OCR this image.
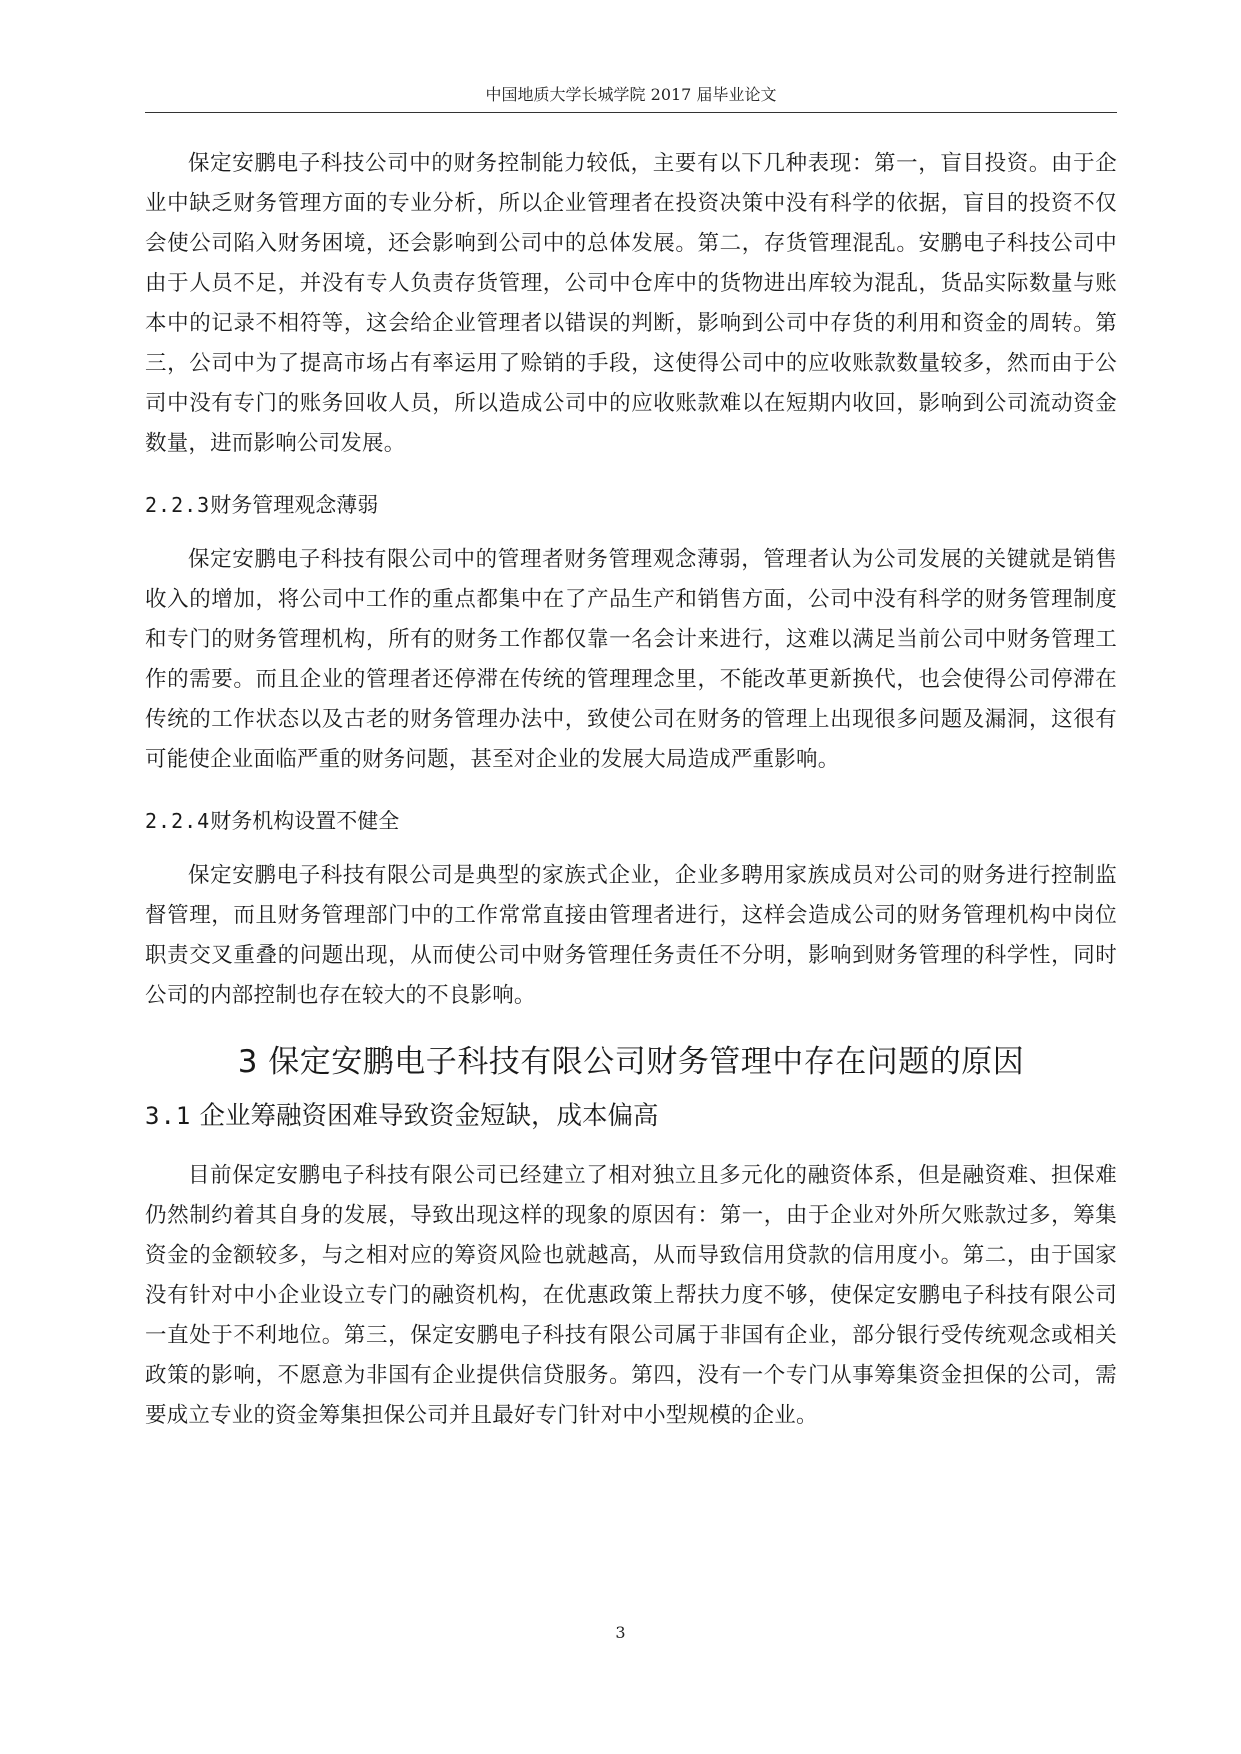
中国地质大学长城学院 2017 届毕业论文

保定安鹏电子科技公司中的财务控制能力较低，主要有以下几种表现：第一，盲目投资。由于企业中缺乏财务管理方面的专业分析，所以企业管理者在投资决策中没有科学的依据，盲目的投资不仅会使公司陷入财务困境，还会影响到公司中的总体发展。第二，存货管理混乱。安鹏电子科技公司中由于人员不足，并没有专人负责存货管理，公司中仓库中的货物进出库较为混乱，货品实际数量与账本中的记录不相符等，这会给企业管理者以错误的判断，影响到公司中存货的利用和资金的周转。第三，公司中为了提高市场占有率运用了赊销的手段，这使得公司中的应收账款数量较多，然而由于公司中没有专门的账务回收人员，所以造成公司中的应收账款难以在短期内收回，影响到公司流动资金数量，进而影响公司发展。

2.2.3财务管理观念薄弱

保定安鹏电子科技有限公司中的管理者财务管理观念薄弱，管理者认为公司发展的关键就是销售收入的增加，将公司中工作的重点都集中在了产品生产和销售方面，公司中没有科学的财务管理制度和专门的财务管理机构，所有的财务工作都仅靠一名会计来进行，这难以满足当前公司中财务管理工作的需要。而且企业的管理者还停滞在传统的管理理念里，不能改革更新换代，也会使得公司停滞在传统的工作状态以及古老的财务管理办法中，致使公司在财务的管理上出现很多问题及漏洞，这很有可能使企业面临严重的财务问题，甚至对企业的发展大局造成严重影响。

2.2.4财务机构设置不健全

保定安鹏电子科技有限公司是典型的家族式企业，企业多聘用家族成员对公司的财务进行控制监督管理，而且财务管理部门中的工作常常直接由管理者进行，这样会造成公司的财务管理机构中岗位职责交叉重叠的问题出现，从而使公司中财务管理任务责任不分明，影响到财务管理的科学性，同时公司的内部控制也存在较大的不良影响。

3 保定安鹏电子科技有限公司财务管理中存在问题的原因
3.1 企业筹融资困难导致资金短缺，成本偏高

目前保定安鹏电子科技有限公司已经建立了相对独立且多元化的融资体系，但是融资难、担保难仍然制约着其自身的发展，导致出现这样的现象的原因有：第一，由于企业对外所欠账款过多，筹集资金的金额较多，与之相对应的筹资风险也就越高，从而导致信用贷款的信用度小。第二，由于国家没有针对中小企业设立专门的融资机构，在优惠政策上帮扶力度不够，使保定安鹏电子科技有限公司一直处于不利地位。第三，保定安鹏电子科技有限公司属于非国有企业，部分银行受传统观念或相关政策的影响，不愿意为非国有企业提供信贷服务。第四，没有一个专门从事筹集资金担保的公司，需要成立专业的资金筹集担保公司并且最好专门针对中小型规模的企业。

3
